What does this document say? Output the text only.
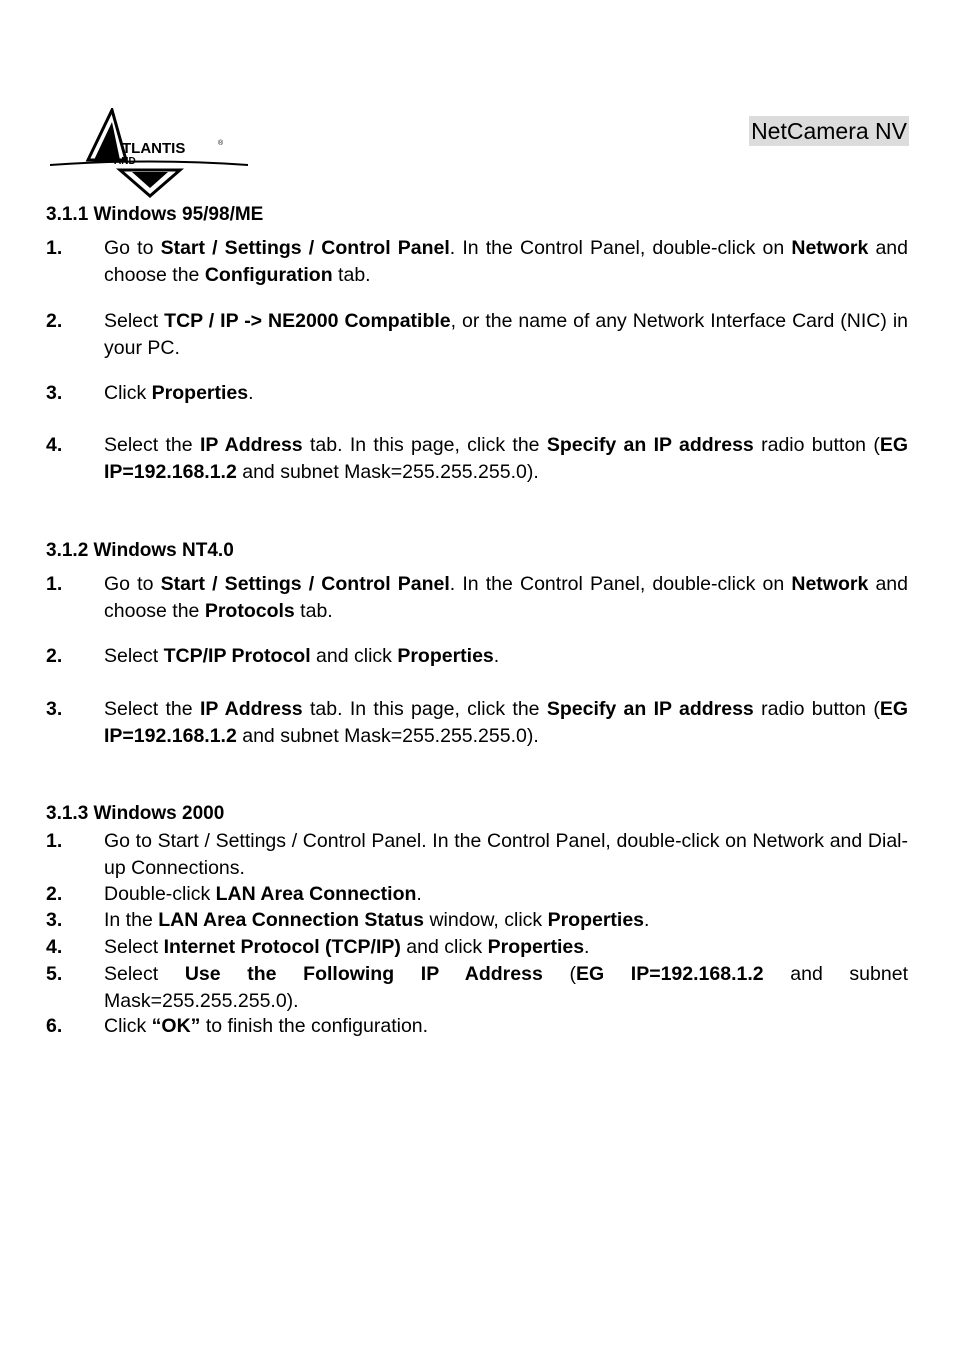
TLANTIS	®
AND
NetCamera NV
3.1.1 Windows 95/98/ME
1.	Go to Start / Settings / Control Panel. In the Control Panel, double-click on Network and choose the Configuration tab.
2.	Select TCP / IP -> NE2000 Compatible, or the name of any Network Interface Card (NIC) in your PC.
3.	Click Properties.
4.	Select the IP Address tab. In this page, click the Specify an IP address radio button (EG IP=192.168.1.2 and subnet Mask=255.255.255.0).
3.1.2 Windows NT4.0
1.	Go to Start / Settings / Control Panel. In the Control Panel, double-click on Network and choose the Protocols tab.
2.	Select TCP/IP Protocol and click Properties.
3.	Select the IP Address tab. In this page, click the Specify an IP address radio button (EG IP=192.168.1.2 and subnet Mask=255.255.255.0).
3.1.3 Windows 2000
1.	Go to Start / Settings / Control Panel. In the Control Panel, double-click on Network and Dial-up Connections.
2.	Double-click LAN Area Connection.
3.	In the LAN Area Connection Status window, click Properties.
4.	Select Internet Protocol (TCP/IP) and click Properties.
5.	Select Use the Following IP Address (EG IP=192.168.1.2 and subnet Mask=255.255.255.0).
6.	Click “OK” to finish the configuration.
